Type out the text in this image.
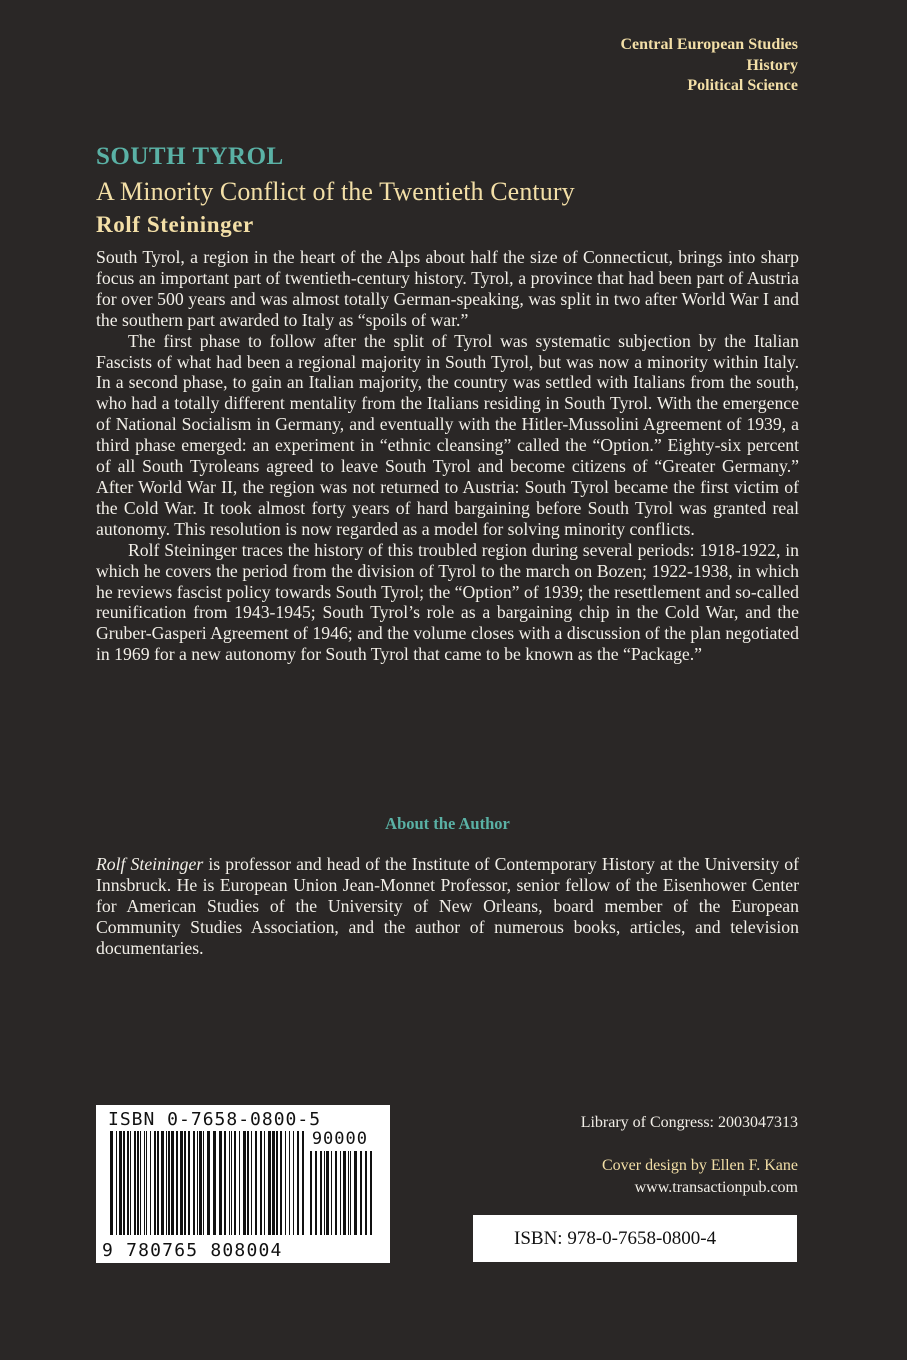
Central European Studies
History
Political Science
SOUTH TYROL
A Minority Conflict of the Twentieth Century
Rolf Steininger

South Tyrol, a region in the heart of the Alps about half the size of Connecticut, brings into sharp focus an important part of twentieth-century history. Tyrol, a province that had been part of Austria for over 500 years and was almost totally German-speaking, was split in two after World War I and the southern part awarded to Italy as “spoils of war.”

The first phase to follow after the split of Tyrol was systematic subjection by the Italian Fascists of what had been a regional majority in South Tyrol, but was now a minority within Italy. In a second phase, to gain an Italian majority, the country was settled with Italians from the south, who had a totally different mentality from the Italians residing in South Tyrol. With the emergence of National Socialism in Germany, and eventually with the Hitler-Mussolini Agreement of 1939, a third phase emerged: an experiment in “ethnic cleansing” called the “Option.” Eighty-six percent of all South Tyroleans agreed to leave South Tyrol and become citizens of “Greater Germany.” After World War II, the region was not returned to Austria: South Tyrol became the first victim of the Cold War. It took almost forty years of hard bargaining before South Tyrol was granted real autonomy. This resolution is now regarded as a model for solving minority conflicts.

Rolf Steininger traces the history of this troubled region during several periods: 1918-1922, in which he covers the period from the division of Tyrol to the march on Bozen; 1922-1938, in which he reviews fascist policy towards South Tyrol; the “Option” of 1939; the resettlement and so-called reunification from 1943-1945; South Tyrol’s role as a bargaining chip in the Cold War, and the Gruber-Gasperi Agreement of 1946; and the volume closes with a discussion of the plan negotiated in 1969 for a new autonomy for South Tyrol that came to be known as the “Package.”

About the Author
Rolf Steininger is professor and head of the Institute of Contemporary History at the University of Innsbruck. He is European Union Jean-Monnet Professor, senior fellow of the Eisenhower Center for American Studies of the University of New Orleans, board member of the European Community Studies Association, and the author of numerous books, articles, and television documentaries.
ISBN 0-7658-0800-5
90000
9 780765 808004
Library of Congress: 2003047313
Cover design by Ellen F. Kane
www.transactionpub.com
ISBN: 978-0-7658-0800-4
